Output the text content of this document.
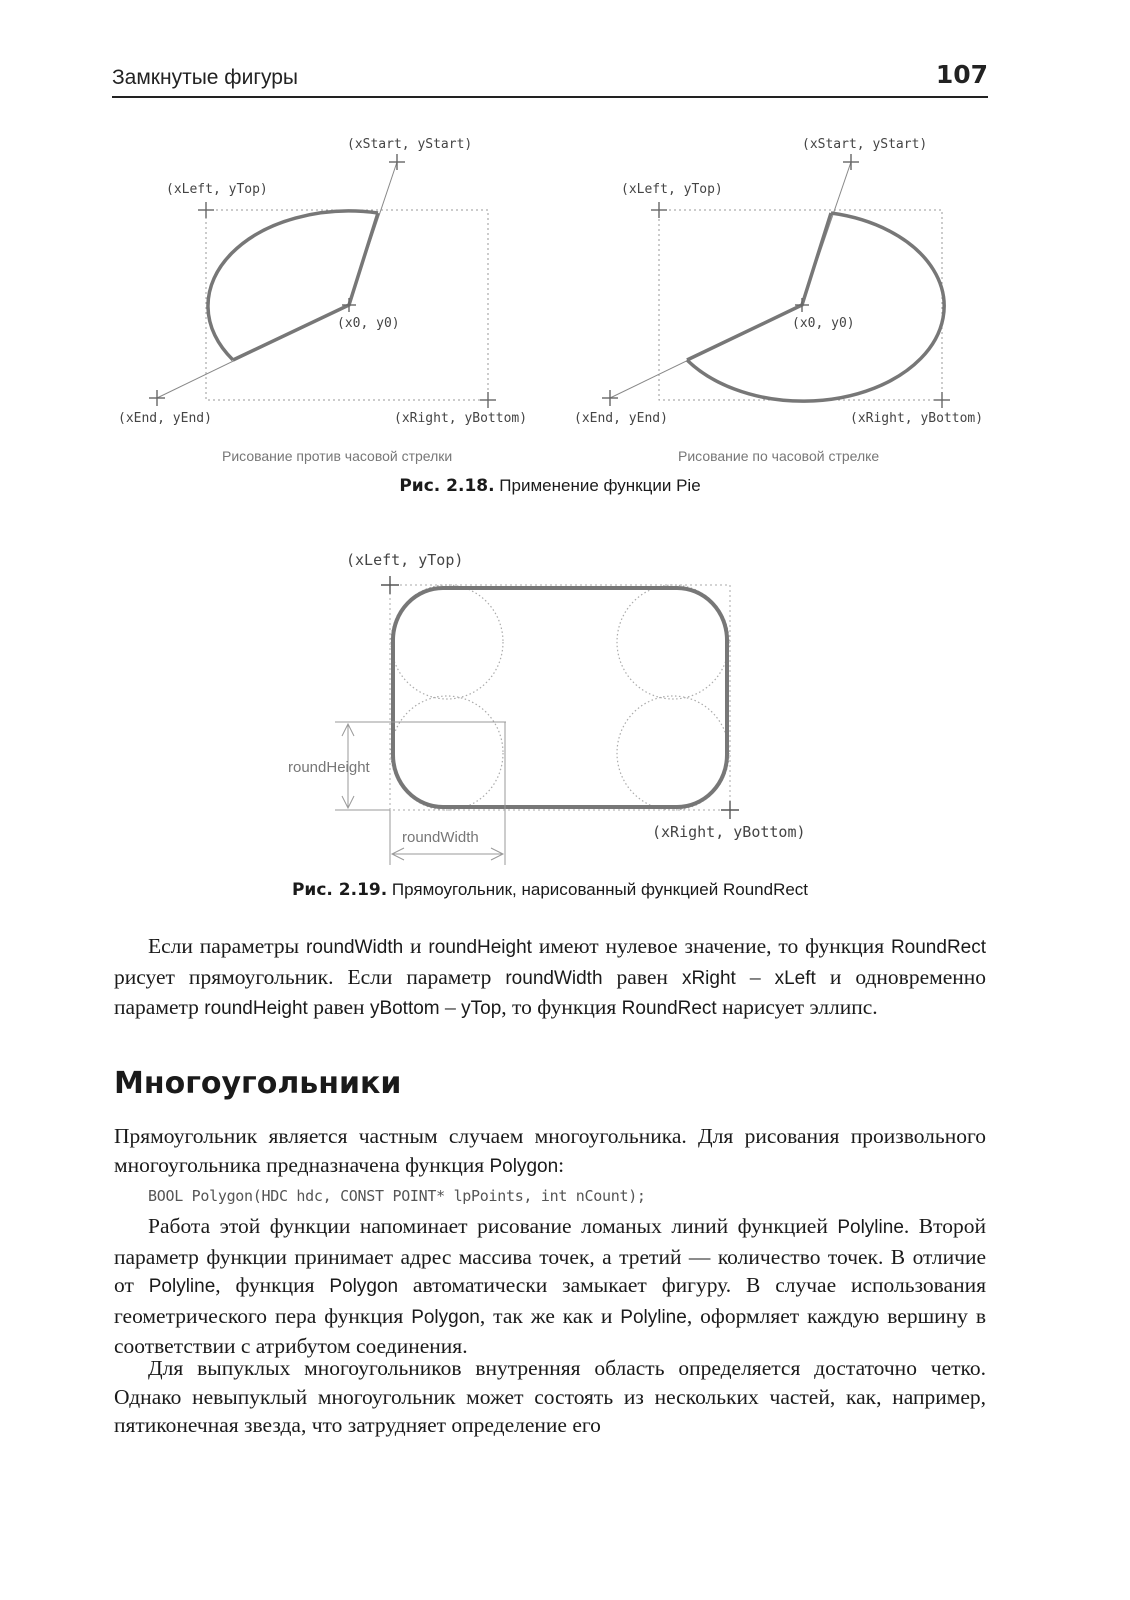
Замкнутые фигуры	107
(xStart, yStart)
(xLeft, yTop)
(x0, y0)
(xEnd, yEnd)	(xRight, yBottom)
Рисование против часовой стрелки
(xStart, yStart)
(xLeft, yTop)
(x0, y0)
(xEnd, yEnd)	(xRight, yBottom)
Рисование по часовой стрелке
Рис. 2.18. Применение функции Pie
(xLeft, yTop)
(xRight, yBottom)
roundHeight
roundWidth
Рис. 2.19. Прямоугольник, нарисованный функцией RoundRect

Если параметры roundWidth и roundHeight имеют нулевое значение, то функция RoundRect рисует прямоугольник. Если параметр roundWidth равен xRight – xLeft и одновременно параметр roundHeight равен yBottom – yTop, то функция RoundRect нарисует эллипс.

Многоугольники

Прямоугольник является частным случаем многоугольника. Для рисования произвольного многоугольника предназначена функция Polygon:

BOOL Polygon(HDC hdc, CONST POINT* lpPoints, int nCount);

Работа этой функции напоминает рисование ломаных линий функцией Polyline. Второй параметр функции принимает адрес массива точек, а третий — количество точек. В отличие от Polyline, функция Polygon автоматически замыкает фигуру. В случае использования геометрического пера функция Polygon, так же как и Polyline, оформляет каждую вершину в соответствии с атрибутом соединения.

Для выпуклых многоугольников внутренняя область определяется достаточно четко. Однако невыпуклый многоугольник может состоять из нескольких частей, как, например, пятиконечная звезда, что затрудняет определение его
